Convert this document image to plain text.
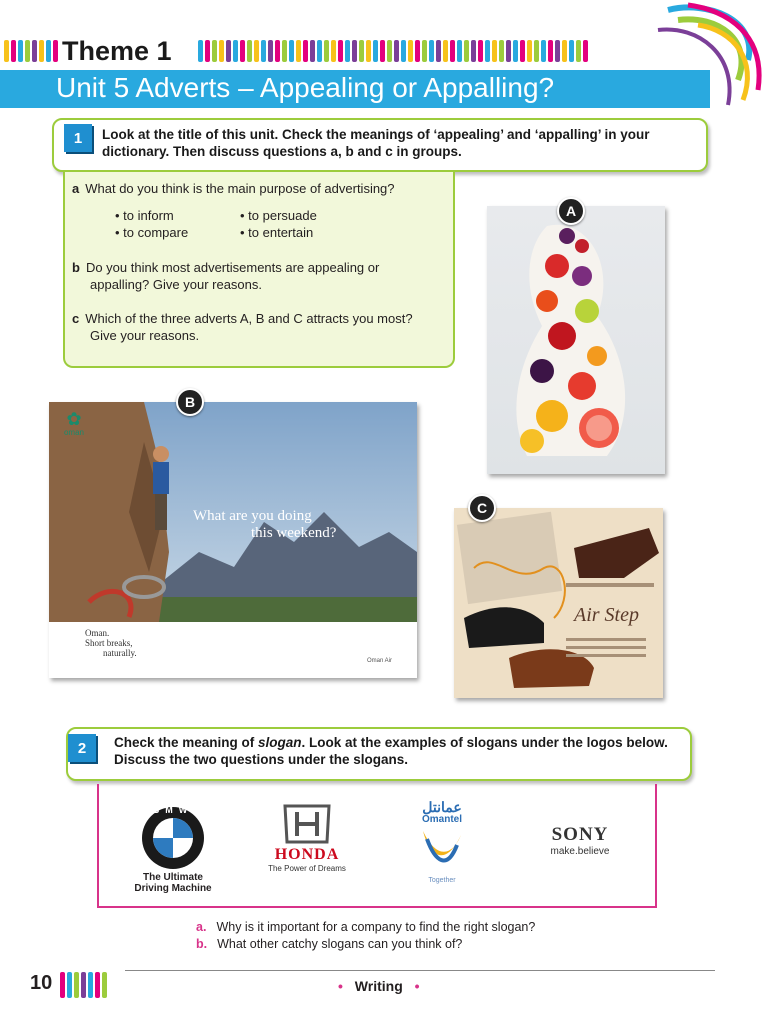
Theme 1
Unit 5 Adverts – Appealing or Appalling?
1	Look at the title of this unit. Check the meanings of ‘appealing’ and ‘appalling’ in your dictionary. Then discuss questions a, b and c in groups.
a What do you think is the main purpose of advertising?
• to inform	• to persuade
• to compare	• to entertain
b Do you think most advertisements are appealing or
appalling? Give your reasons.
c Which of the three adverts A, B and C attracts you most?
Give your reasons.
A
✿
oman
What are you doing
this weekend?
Oman.
Short breaks,
naturally.
Oman Air
B
Air Step
C
2	Check the meaning of slogan. Look at the examples of slogans under the logos below. Discuss the two questions under the slogans.
BMW
The Ultimate
Driving Machine
HONDA
The Power of Dreams
عمانتل
Omantel
Together
SONY
make.believe
a. Why is it important for a company to find the right slogan?
b. What other catchy slogans can you think of?
10	• Writing •
